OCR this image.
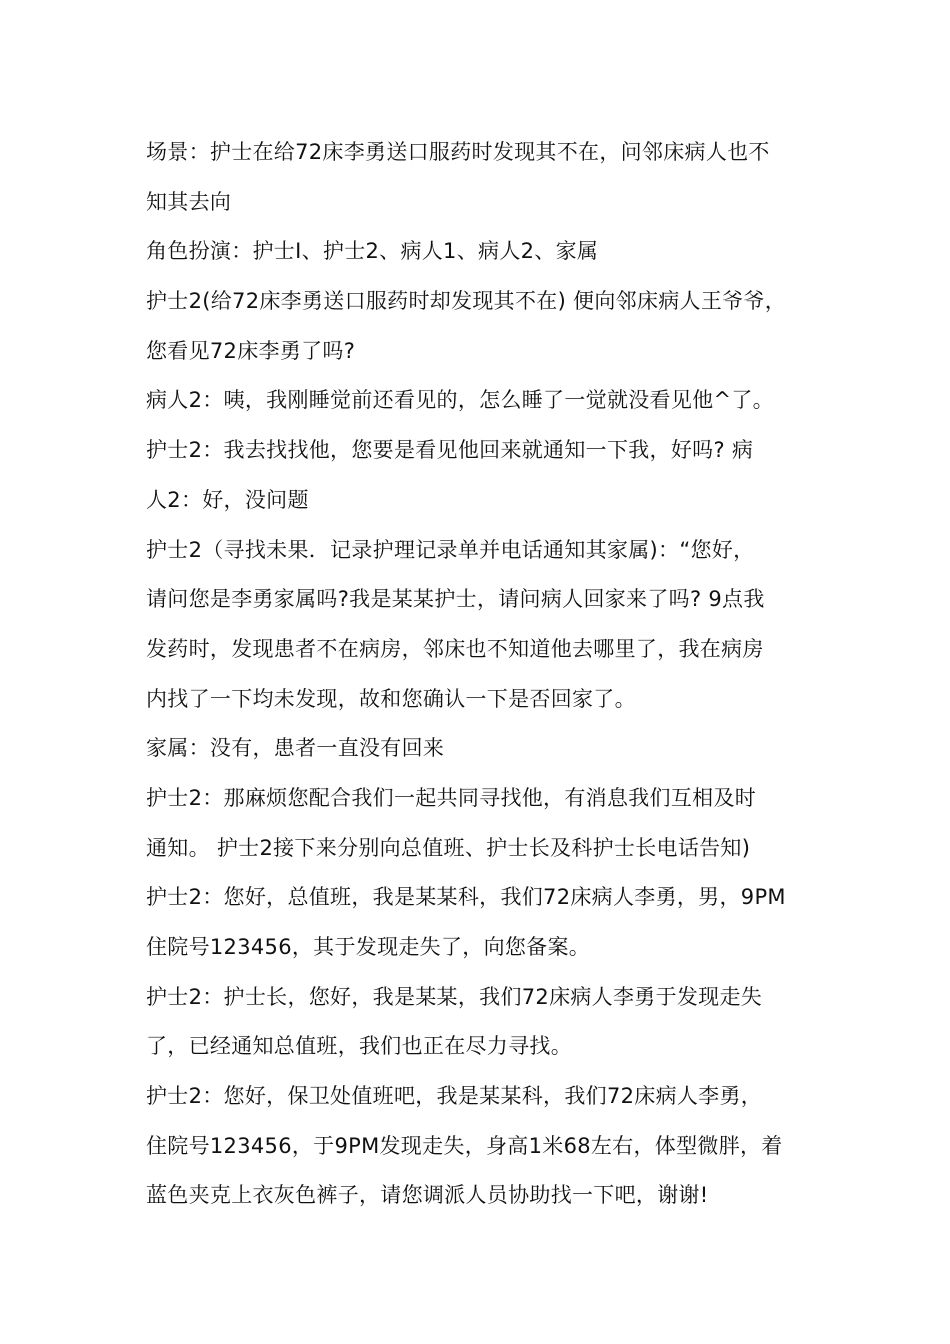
场景：护士在给72床李勇送口服药时发现其不在，问邻床病人也不
知其去向
角色扮演：护士I、护士2、病人1、病人2、家属
护士2(给72床李勇送口服药时却发现其不在) 便向邻床病人王爷爷，
您看见72床李勇了吗?
病人2：咦，我刚睡觉前还看见的，怎么睡了一觉就没看见他^了。
护士2：我去找找他，您要是看见他回来就通知一下我，好吗? 病
人2：好，没问题
护士2（寻找未果．记录护理记录单并电话通知其家属)：“您好，
请问您是李勇家属吗?我是某某护士，请问病人回家来了吗? 9点我
发药时，发现患者不在病房，邻床也不知道他去哪里了，我在病房
内找了一下均未发现，故和您确认一下是否回家了。
家属：没有，患者一直没有回来
护士2：那麻烦您配合我们一起共同寻找他，有消息我们互相及时
通知。 护士2接下来分别向总值班、护士长及科护士长电话告知)
护士2：您好，总值班，我是某某科，我们72床病人李勇，男，9PM
住院号123456，其于发现走失了，向您备案。
护士2：护士长，您好，我是某某，我们72床病人李勇于发现走失
了，已经通知总值班，我们也正在尽力寻找。
护士2：您好，保卫处值班吧，我是某某科，我们72床病人李勇，
住院号123456，于9PM发现走失，身高1米68左右，体型微胖，着
蓝色夹克上衣灰色裤子，请您调派人员协助找一下吧，谢谢!
